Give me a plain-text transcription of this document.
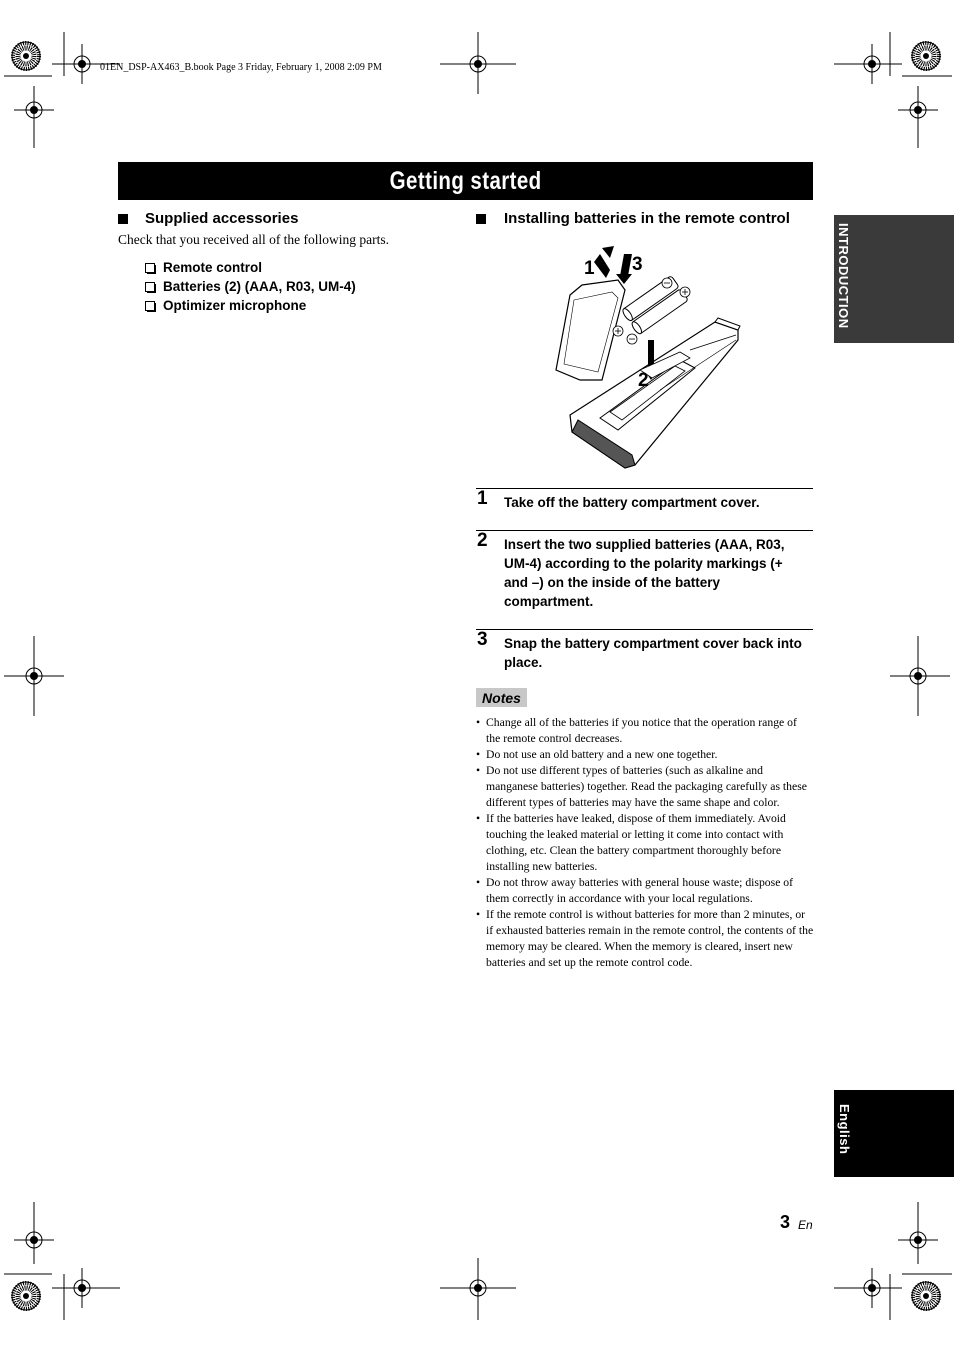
01EN_DSP-AX463_B.book Page 3 Friday, February 1, 2008 2:09 PM
Getting started
Supplied accessories
Check that you received all of the following parts.
Remote control
Batteries (2) (AAA, R03, UM-4)
Optimizer microphone
Installing batteries in the remote control
1 3
2
1 Take off the battery compartment cover.
2 Insert the two supplied batteries (AAA, R03, UM-4) according to the polarity markings (+ and –) on the inside of the battery compartment.
3 Snap the battery compartment cover back into place.
Notes
• Change all of the batteries if you notice that the operation range of the remote control decreases.
• Do not use an old battery and a new one together.
• Do not use different types of batteries (such as alkaline and manganese batteries) together. Read the packaging carefully as these different types of batteries may have the same shape and color.
• If the batteries have leaked, dispose of them immediately. Avoid touching the leaked material or letting it come into contact with clothing, etc. Clean the battery compartment thoroughly before installing new batteries.
• Do not throw away batteries with general house waste; dispose of them correctly in accordance with your local regulations.
• If the remote control is without batteries for more than 2 minutes, or if exhausted batteries remain in the remote control, the contents of the memory may be cleared. When the memory is cleared, insert new batteries and set up the remote control code.
INTRODUCTION
English
3 En
